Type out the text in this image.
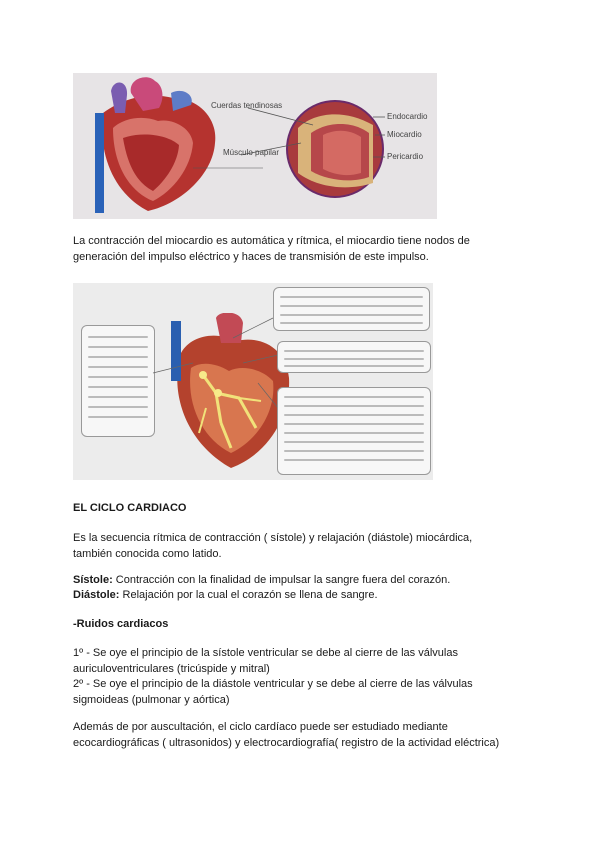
Cuerdas tendinosas
Músculo papilar
Endocardio
Miocardio
Pericardio

La contracción del miocardio es automática y rítmica, el miocardio tiene nodos de generación del impulso eléctrico y haces de transmisión de este impulso.

EL CICLO CARDIACO

Es la secuencia rítmica de contracción ( sístole) y relajación (diástole) miocárdica, también conocida como latido.

Sístole: Contracción con la finalidad de impulsar la sangre fuera del corazón.

Diástole: Relajación por la cual el corazón se llena de sangre.

-Ruidos cardiacos

1º - Se oye el principio de la sístole ventricular se debe al cierre de las válvulas auriculoventriculares (tricúspide y mitral)

2º - Se oye el principio de la diástole ventricular y se debe al cierre de las válvulas sigmoideas (pulmonar y aórtica)

Además de por auscultación, el ciclo cardíaco puede ser estudiado mediante ecocardiográficas ( ultrasonidos) y electrocardiografía( registro de la actividad eléctrica)
